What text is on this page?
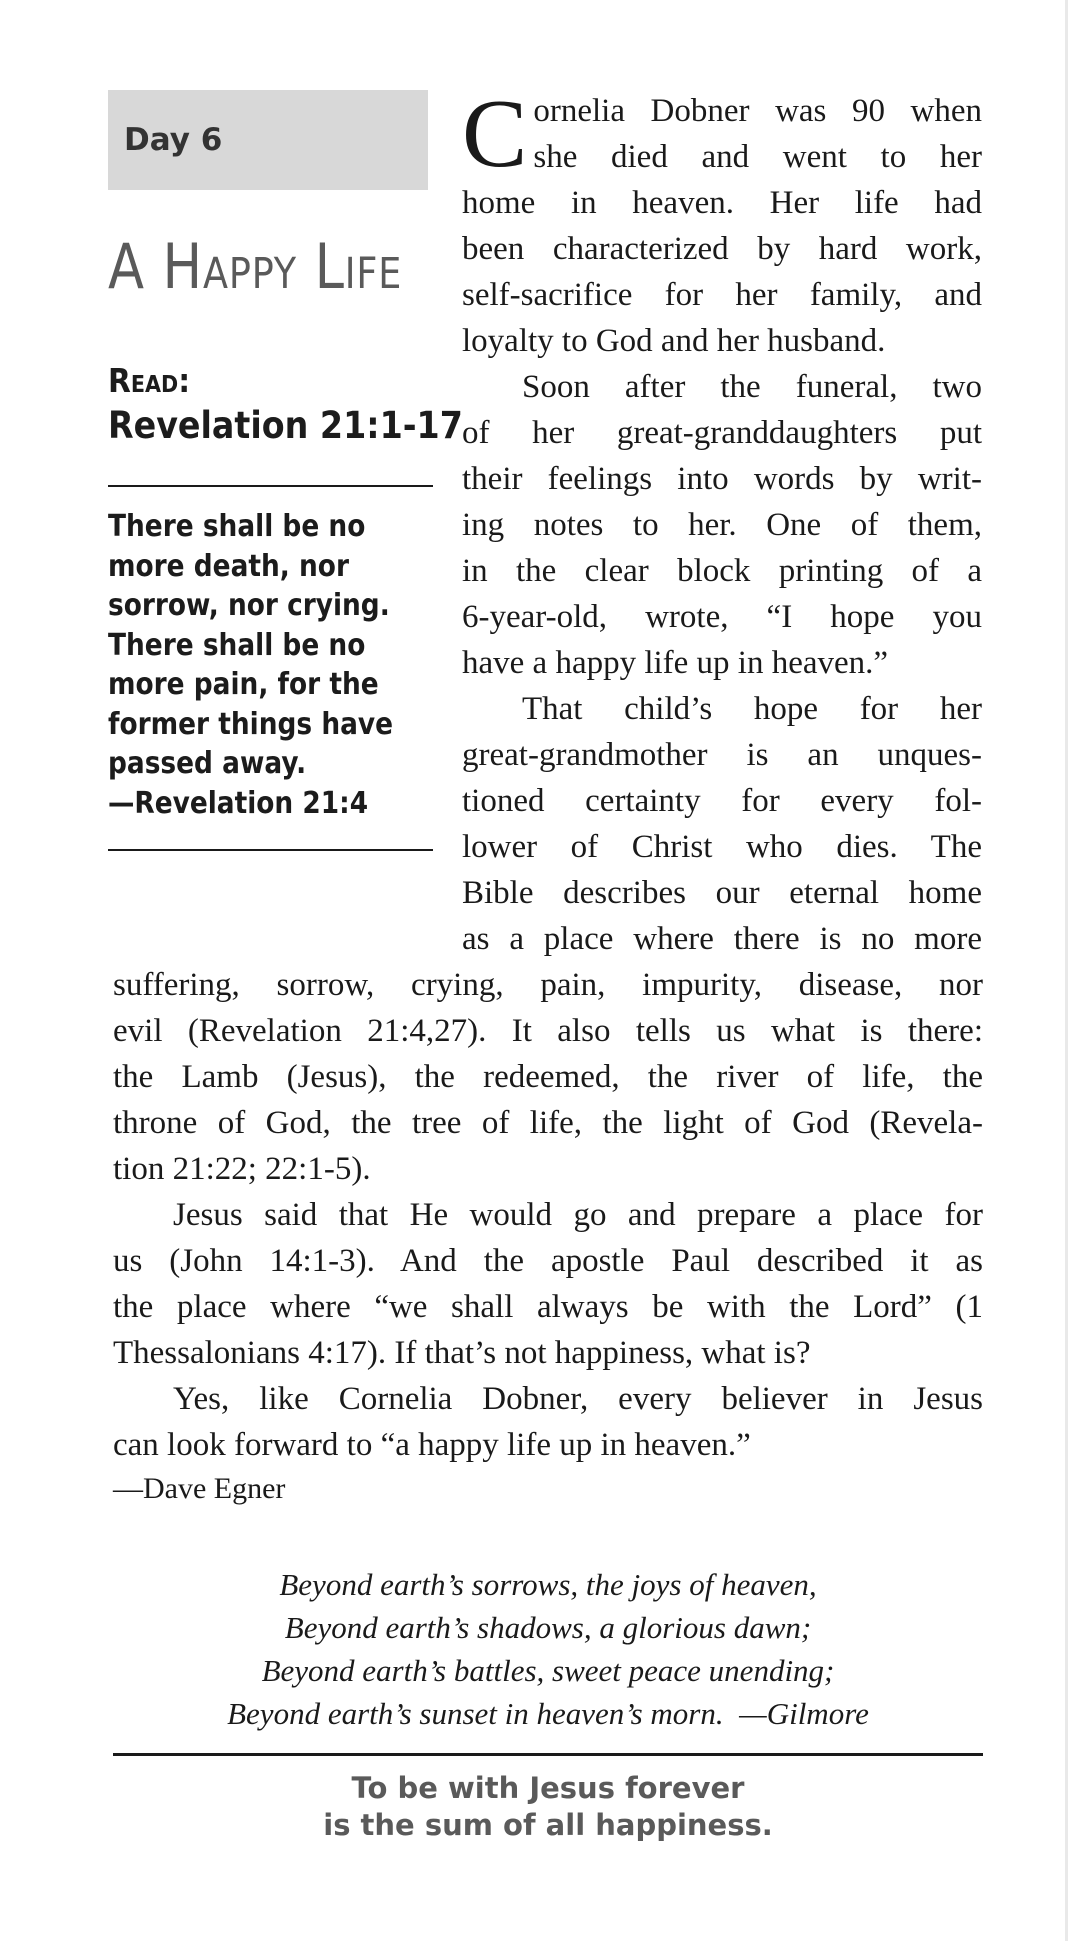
Day 6
A Happy Life
Read:
Revelation 21:1-17
There shall be no
more death, nor
sorrow, nor crying.
There shall be no
more pain, for the
former things have
passed away.
—Revelation 21:4
C ornelia Dobner was 90 when
she died and went to her
home in heaven. Her life had
been characterized by hard work,
self-sacrifice for her family, and
loyalty to God and her husband.
Soon after the funeral, two
of her great-granddaughters put
their feelings into words by writ-
ing notes to her. One of them,
in the clear block printing of a
6-year-old, wrote, “I hope you
have a happy life up in heaven.”
That child’s hope for her
great-grandmother is an unques-
tioned certainty for every fol-
lower of Christ who dies. The
Bible describes our eternal home
as a place where there is no more
suffering, sorrow, crying, pain, impurity, disease, nor
evil (Revelation 21:4,27). It also tells us what is there:
the Lamb (Jesus), the redeemed, the river of life, the
throne of God, the tree of life, the light of God (Revela-
tion 21:22; 22:1-5).
Jesus said that He would go and prepare a place for
us (John 14:1-3). And the apostle Paul described it as
the place where “we shall always be with the Lord” (1
Thessalonians 4:17). If that’s not happiness, what is?
Yes, like Cornelia Dobner, every believer in Jesus
can look forward to “a happy life up in heaven.”
—Dave Egner
Beyond earth’s sorrows, the joys of heaven,
Beyond earth’s shadows, a glorious dawn;
Beyond earth’s battles, sweet peace unending;
Beyond earth’s sunset in heaven’s morn.  —Gilmore
To be with Jesus forever
is the sum of all happiness.
